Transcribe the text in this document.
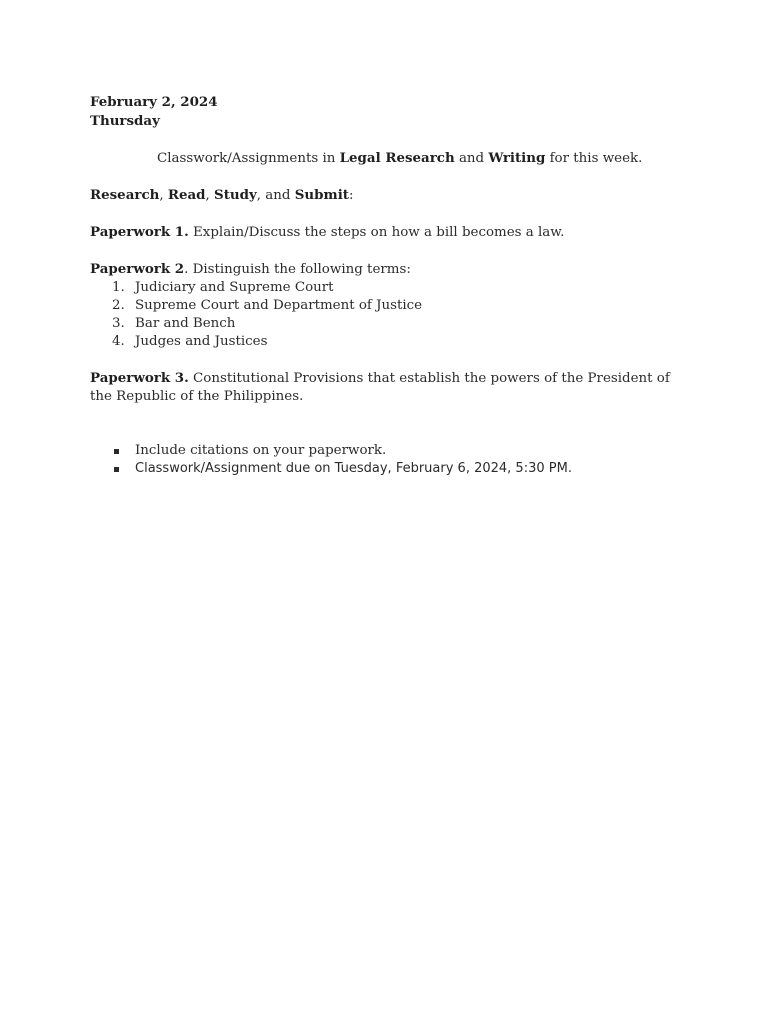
February 2, 2024
Thursday
Classwork/Assignments in Legal Research and Writing for this week.
Research, Read, Study, and Submit:
Paperwork 1. Explain/Discuss the steps on how a bill becomes a law.
Paperwork 2. Distinguish the following terms:
1. Judiciary and Supreme Court
2. Supreme Court and Department of Justice
3. Bar and Bench
4. Judges and Justices
Paperwork 3. Constitutional Provisions that establish the powers of the President of the Republic of the Philippines.
Include citations on your paperwork.
Classwork/Assignment due on Tuesday, February 6, 2024, 5:30 PM.
